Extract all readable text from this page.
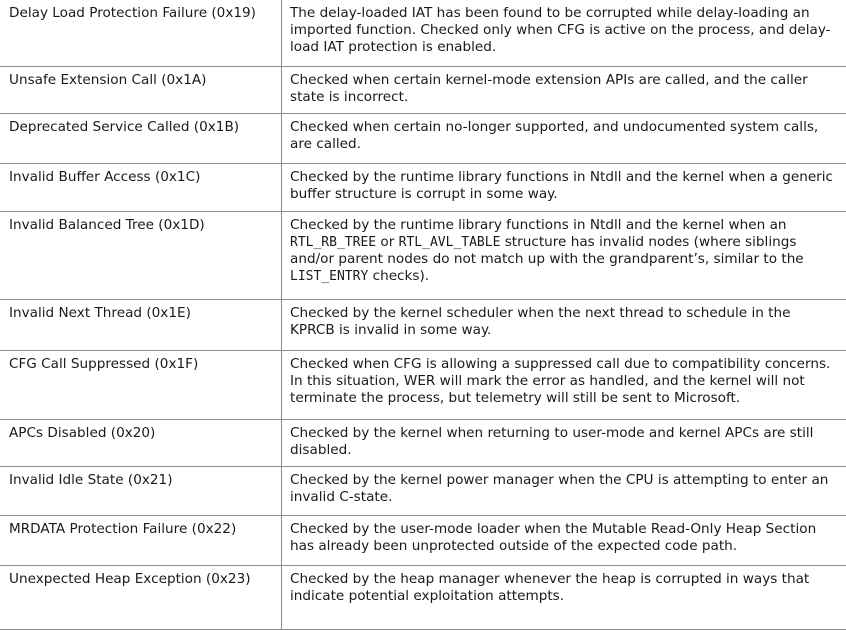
Delay Load Protection Failure (0x19)	The delay-loaded IAT has been found to be corrupted while delay-loading an
imported function. Checked only when CFG is active on the process, and delay-
load IAT protection is enabled.
Unsafe Extension Call (0x1A)	Checked when certain kernel-mode extension APIs are called, and the caller
state is incorrect.
Deprecated Service Called (0x1B)	Checked when certain no-longer supported, and undocumented system calls,
are called.
Invalid Buffer Access (0x1C)	Checked by the runtime library functions in Ntdll and the kernel when a generic
buffer structure is corrupt in some way.
Invalid Balanced Tree (0x1D)	Checked by the runtime library functions in Ntdll and the kernel when an
RTL_RB_TREE or RTL_AVL_TABLE structure has invalid nodes (where siblings
and/or parent nodes do not match up with the grandparent’s, similar to the
LIST_ENTRY checks).
Invalid Next Thread (0x1E)	Checked by the kernel scheduler when the next thread to schedule in the
KPRCB is invalid in some way.
CFG Call Suppressed (0x1F)	Checked when CFG is allowing a suppressed call due to compatibility concerns.
In this situation, WER will mark the error as handled, and the kernel will not
terminate the process, but telemetry will still be sent to Microsoft.
APCs Disabled (0x20)	Checked by the kernel when returning to user-mode and kernel APCs are still
disabled.
Invalid Idle State (0x21)	Checked by the kernel power manager when the CPU is attempting to enter an
invalid C-state.
MRDATA Protection Failure (0x22)	Checked by the user-mode loader when the Mutable Read-Only Heap Section
has already been unprotected outside of the expected code path.
Unexpected Heap Exception (0x23)	Checked by the heap manager whenever the heap is corrupted in ways that
indicate potential exploitation attempts.
